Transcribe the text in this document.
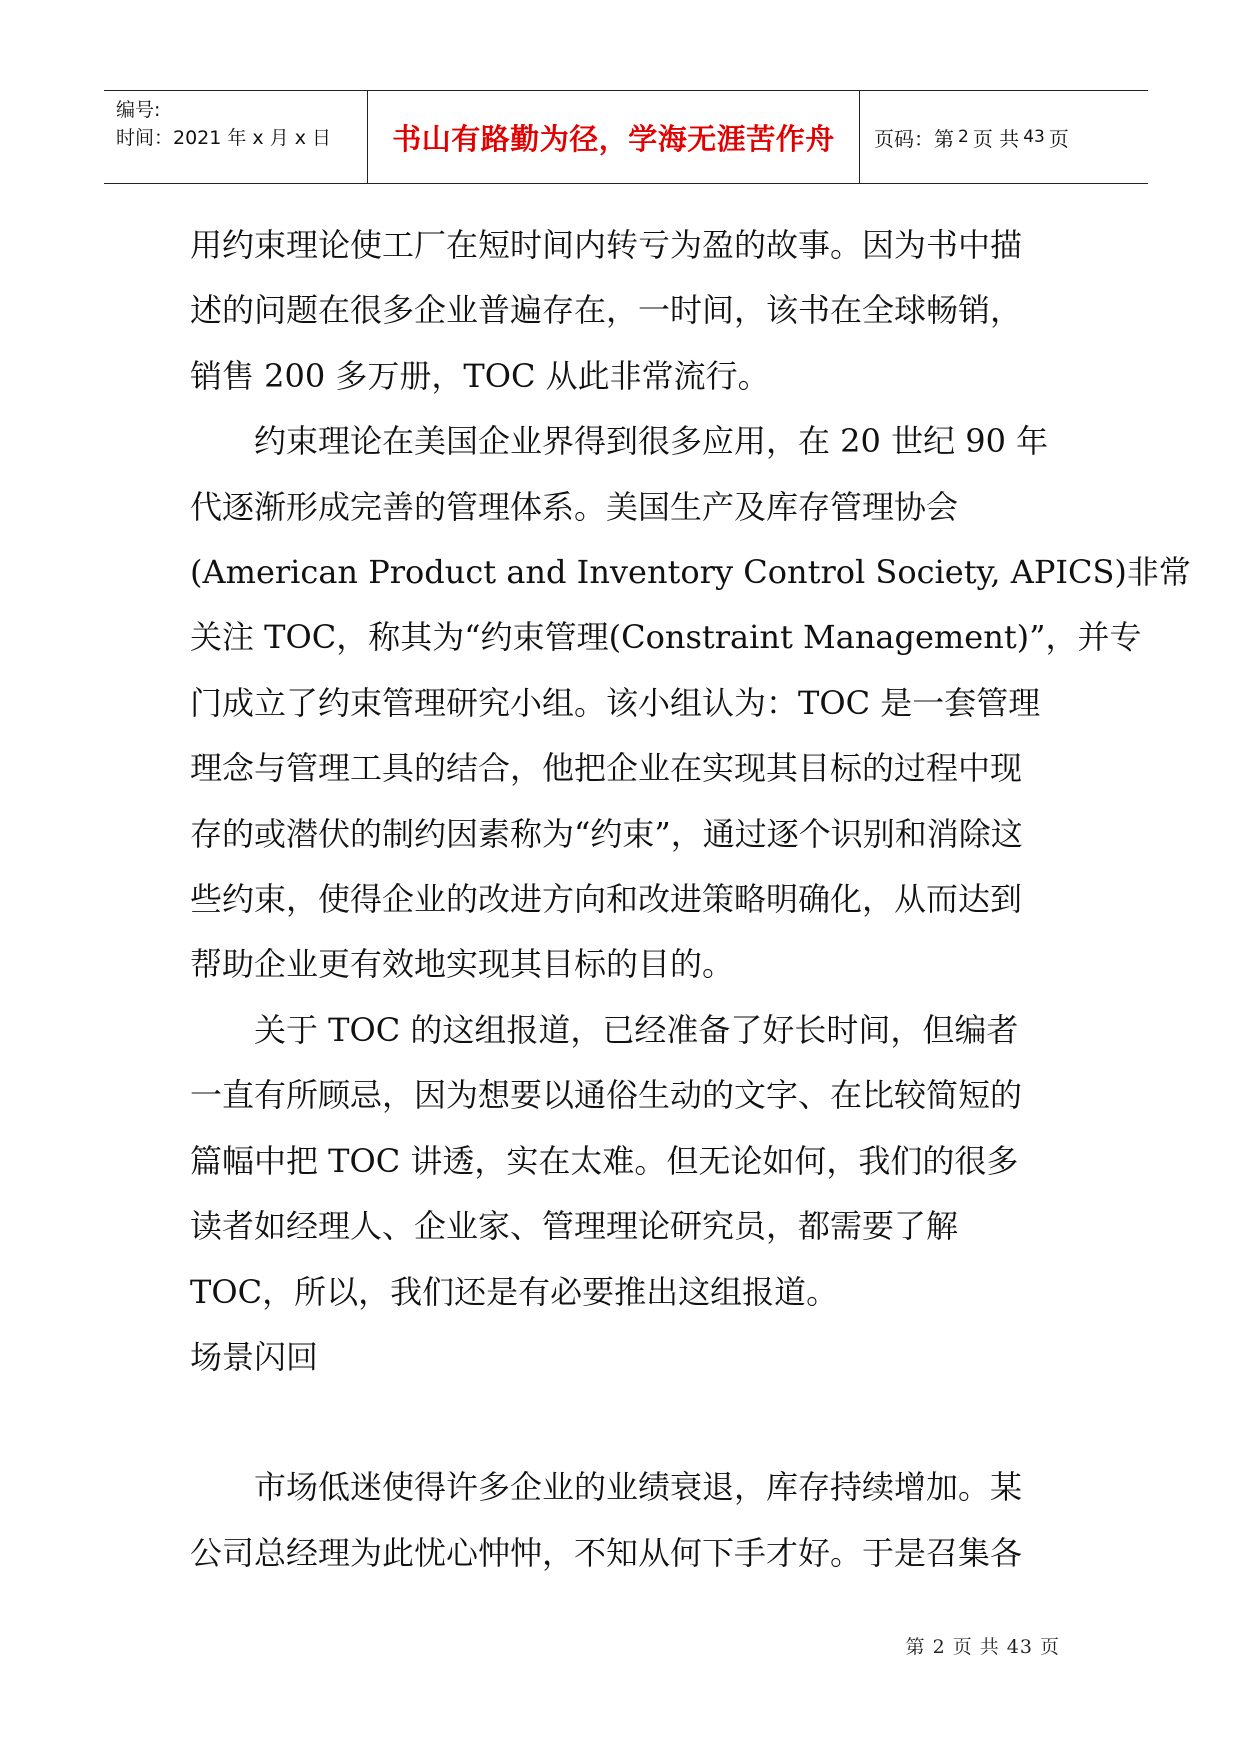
编号:
时间：2021 年 x 月 x 日	书山有路勤为径，学海无涯苦作舟	页码：第 2 页 共 43 页

用约束理论使工厂在短时间内转亏为盈的故事。因为书中描

述的问题在很多企业普遍存在，一时间，该书在全球畅销，

销售 200 多万册，TOC 从此非常流行。

约束理论在美国企业界得到很多应用，在 20 世纪 90 年

代逐渐形成完善的管理体系。美国生产及库存管理协会

(American Product and Inventory Control Society, APICS)非常

关注 TOC，称其为“约束管理(Constraint Management)”，并专

门成立了约束管理研究小组。该小组认为：TOC 是一套管理

理念与管理工具的结合，他把企业在实现其目标的过程中现

存的或潜伏的制约因素称为“约束”，通过逐个识别和消除这

些约束，使得企业的改进方向和改进策略明确化，从而达到

帮助企业更有效地实现其目标的目的。

关于 TOC 的这组报道，已经准备了好长时间，但编者

一直有所顾忌，因为想要以通俗生动的文字、在比较简短的

篇幅中把 TOC 讲透，实在太难。但无论如何，我们的很多

读者如经理人、企业家、管理理论研究员，都需要了解

TOC，所以，我们还是有必要推出这组报道。

场景闪回

市场低迷使得许多企业的业绩衰退，库存持续增加。某

公司总经理为此忧心忡忡，不知从何下手才好。于是召集各

第 2 页 共 43 页
